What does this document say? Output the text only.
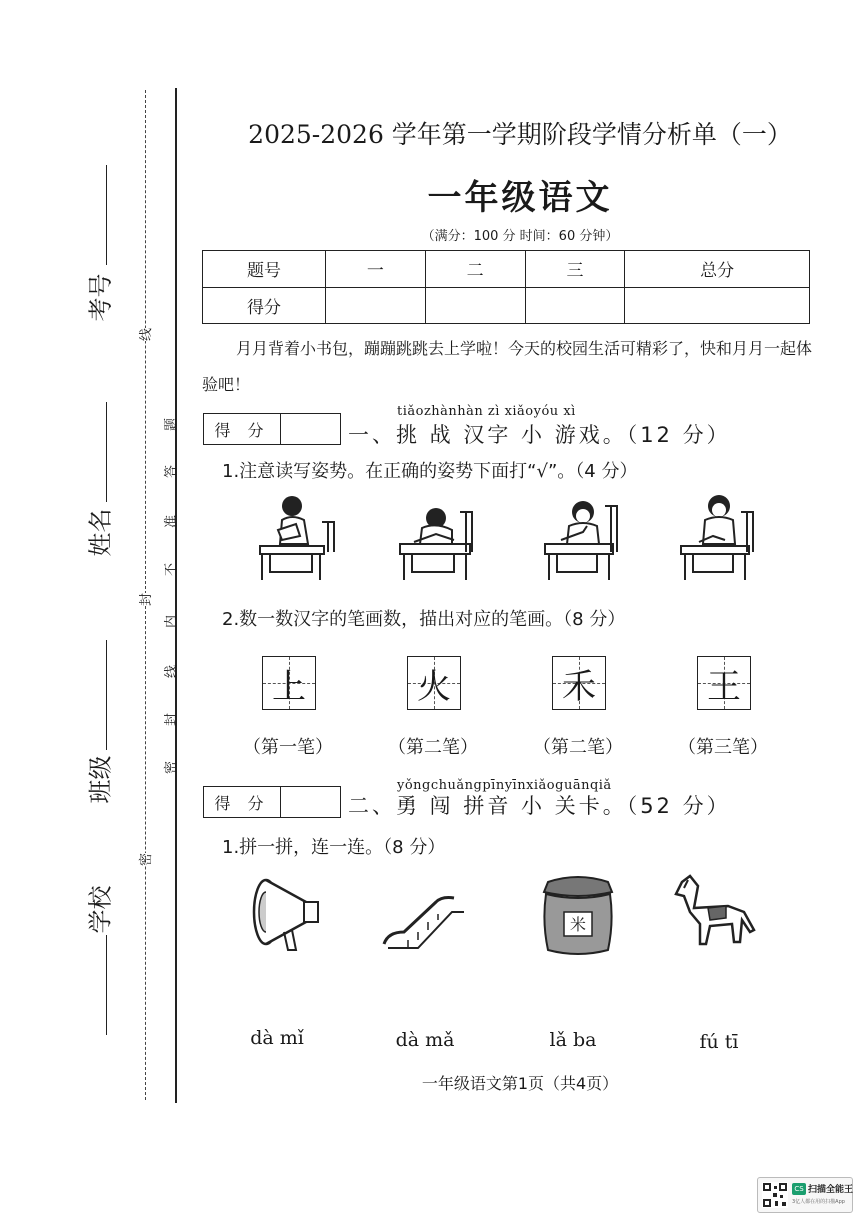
考号
姓名
班级
学校
线
封
密
题
答
准
不
内
线
封
密
2025-2026 学年第一学期阶段学情分析单（一）
一年级语文
（满分：100 分 时间：60 分钟）
题号	一	二	三	总分
得分				
月月背着小书包，蹦蹦跳跳去上学啦！今天的校园生活可精彩了，快和月月一起体验吧！
得 分
tiǎozhànhàn zì xiǎoyóu xì
一、挑 战 汉字 小 游戏。（12 分）
1.注意读写姿势。在正确的姿势下面打“√”。（4 分）
2.数一数汉字的笔画数，描出对应的笔画。（8 分）
上	火	禾	王
（第一笔）	（第二笔）	（第二笔）	（第三笔）
得 分
yǒngchuǎngpīnyīnxiǎoguānqiǎ
二、勇 闯 拼音 小 关卡。（52 分）
1.拼一拼，连一连。（8 分）
米
dà mǐ	dà mǎ	lǎ ba	fú tī
一年级语文第1页（共4页）
CS 扫描全能王
3亿人都在用的扫描App
